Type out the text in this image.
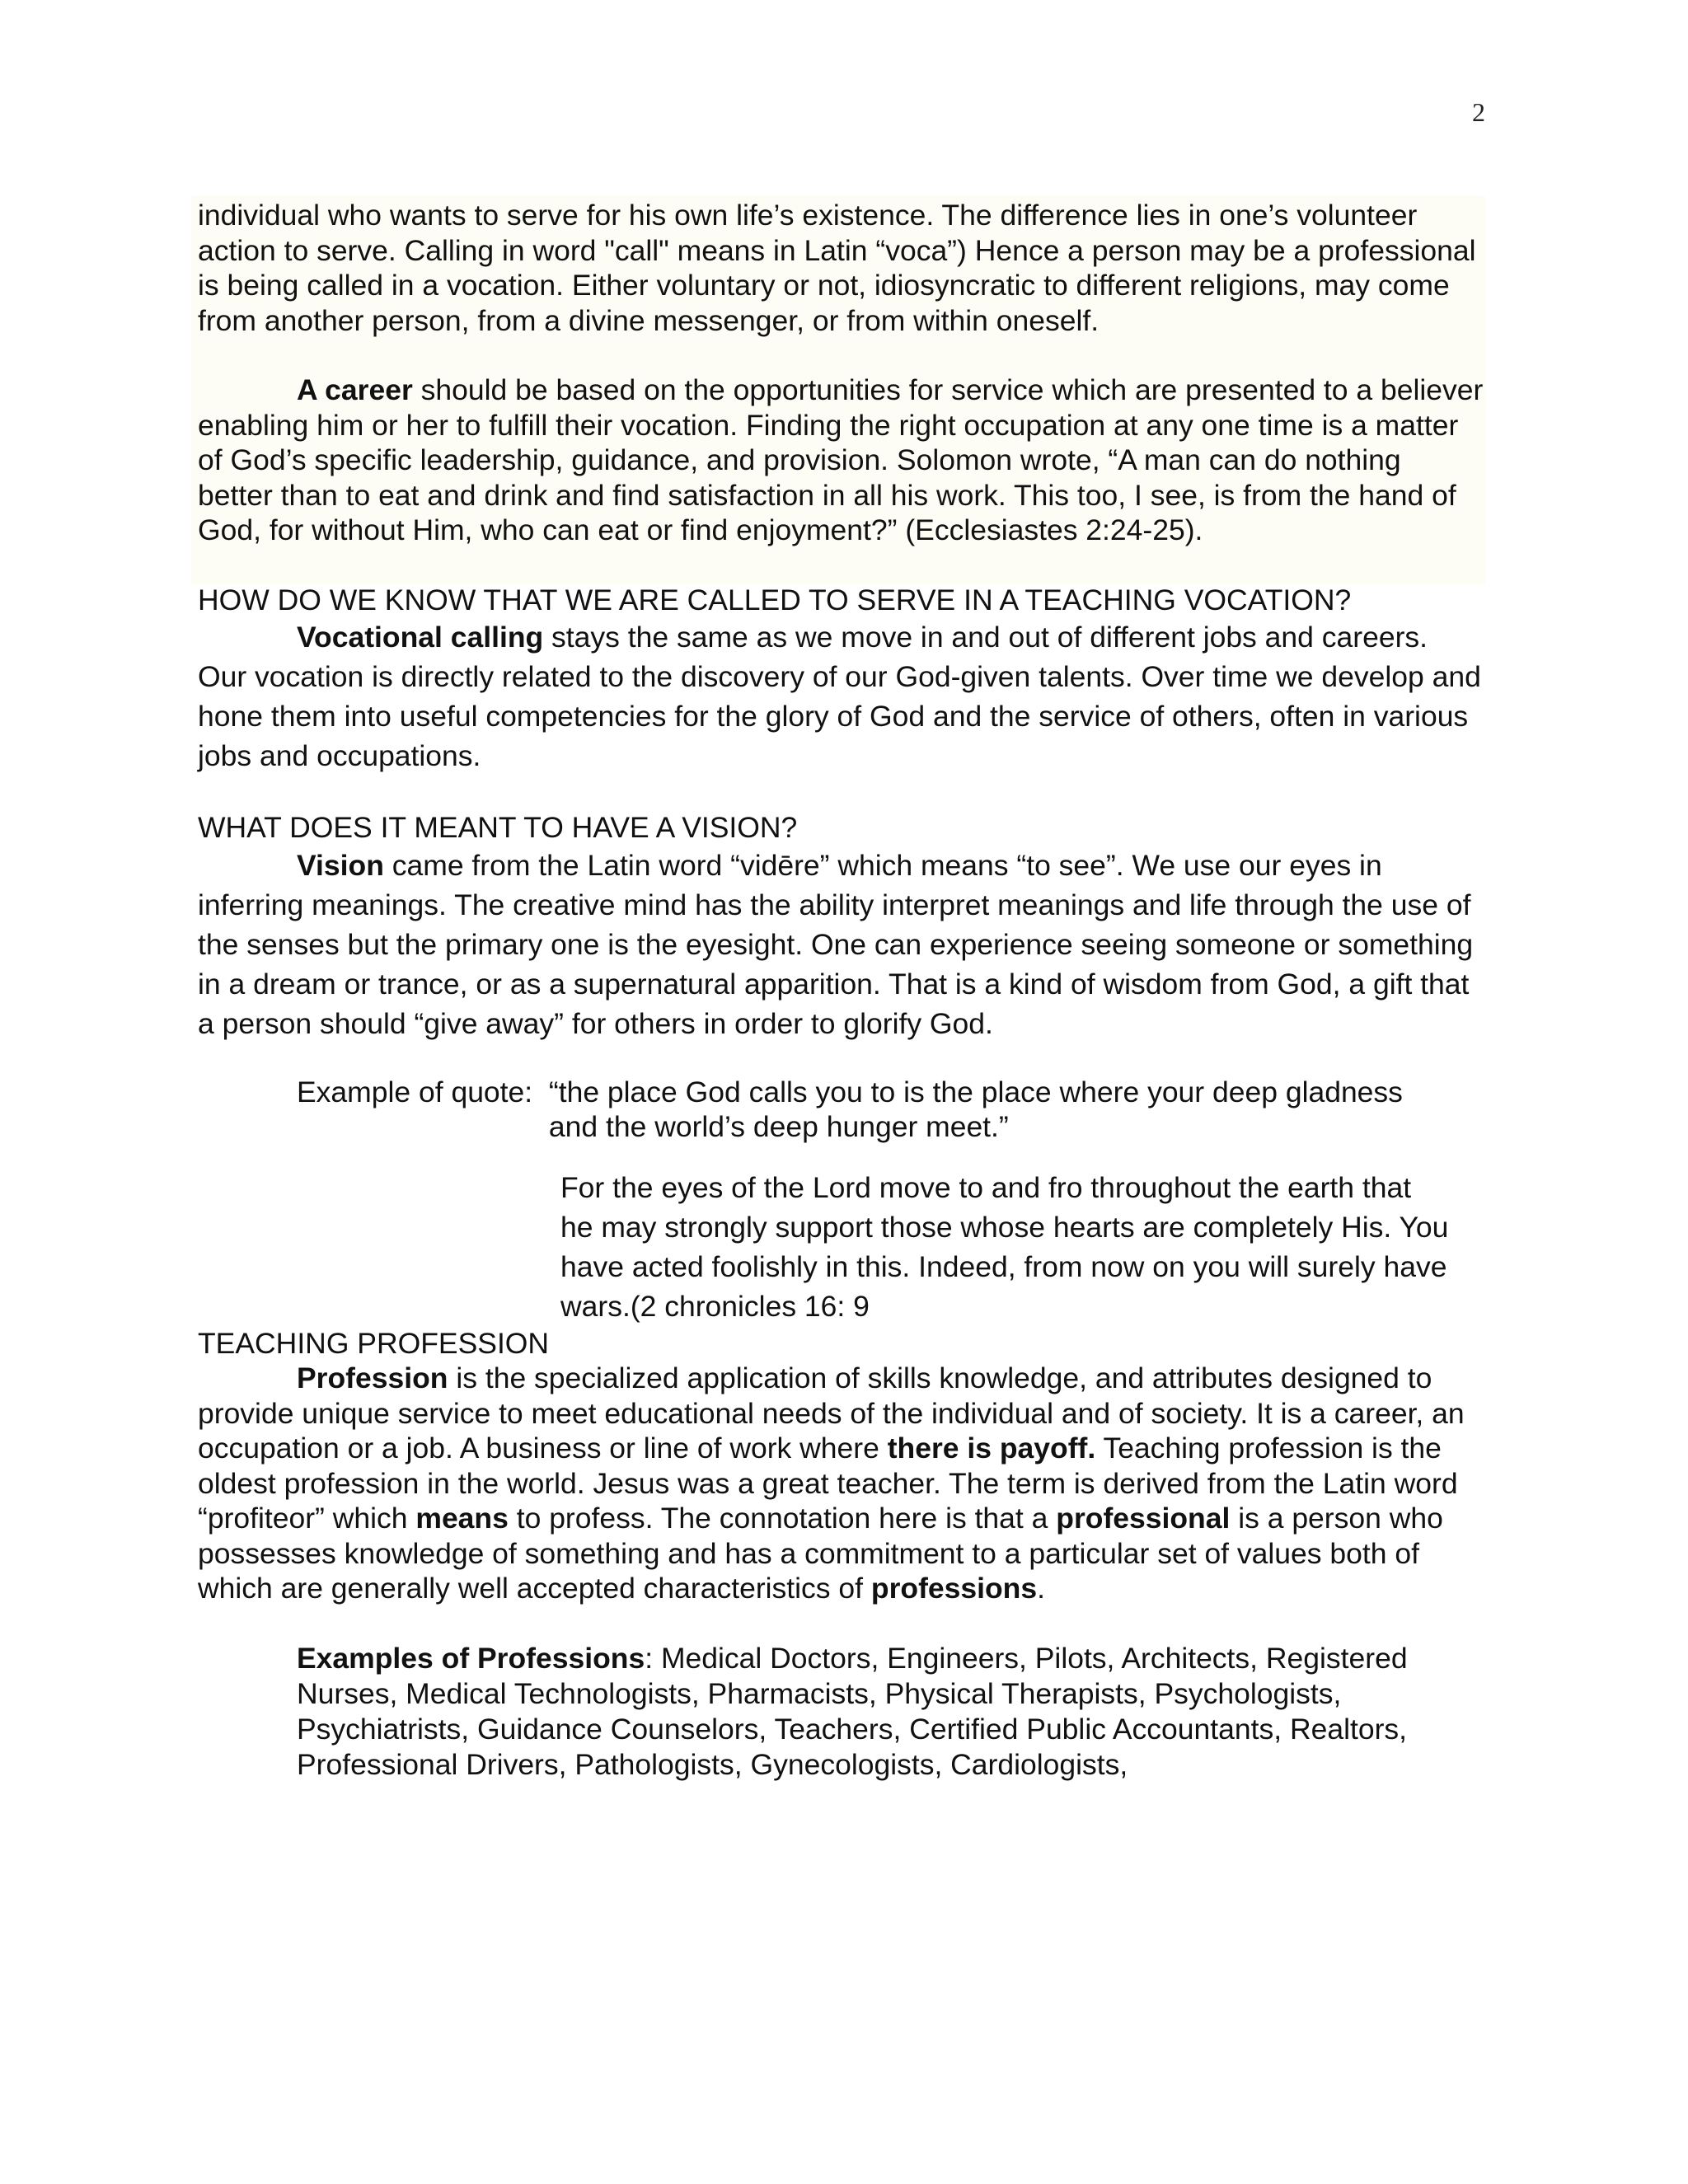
2

individual who wants to serve for his own life’s existence. The difference lies in one’s volunteer action to serve. Calling in word "call" means in Latin “voca”) Hence a person may be a professional is being called in a vocation. Either voluntary or not, idiosyncratic to different religions, may come from another person, from a divine messenger, or from within oneself.

A career should be based on the opportunities for service which are presented to a believer enabling him or her to fulfill their vocation. Finding the right occupation at any one time is a matter of God’s specific leadership, guidance, and provision. Solomon wrote, “A man can do nothing better than to eat and drink and find satisfaction in all his work. This too, I see, is from the hand of God, for without Him, who can eat or find enjoyment?” (Ecclesiastes 2:24-25).

HOW DO WE KNOW THAT WE ARE CALLED TO SERVE IN A TEACHING VOCATION?

Vocational calling stays the same as we move in and out of different jobs and careers. Our vocation is directly related to the discovery of our God-given talents. Over time we develop and hone them into useful competencies for the glory of God and the service of others, often in various jobs and occupations.

WHAT DOES IT MEANT TO HAVE A VISION?

Vision came from the Latin word “vidēre” which means “to see”. We use our eyes in inferring meanings. The creative mind has the ability interpret meanings and life through the use of the senses but the primary one is the eyesight. One can experience seeing someone or something in a dream or trance, or as a supernatural apparition. That is a kind of wisdom from God, a gift that a person should “give away” for others in order to glorify God.

Example of quote: “the place God calls you to is the place where your deep gladness and the world’s deep hunger meet.”

For the eyes of the Lord move to and fro throughout the earth that he may strongly support those whose hearts are completely His. You have acted foolishly in this. Indeed, from now on you will surely have wars.(2 chronicles 16: 9

TEACHING PROFESSION

Profession is the specialized application of skills knowledge, and attributes designed to provide unique service to meet educational needs of the individual and of society. It is a career, an occupation or a job. A business or line of work where there is payoff. Teaching profession is the oldest profession in the world. Jesus was a great teacher. The term is derived from the Latin word “profiteor” which means to profess. The connotation here is that a professional is a person who possesses knowledge of something and has a commitment to a particular set of values both of which are generally well accepted characteristics of professions.

Examples of Professions: Medical Doctors, Engineers, Pilots, Architects, Registered Nurses, Medical Technologists, Pharmacists, Physical Therapists, Psychologists, Psychiatrists, Guidance Counselors, Teachers, Certified Public Accountants, Realtors, Professional Drivers, Pathologists, Gynecologists, Cardiologists,
